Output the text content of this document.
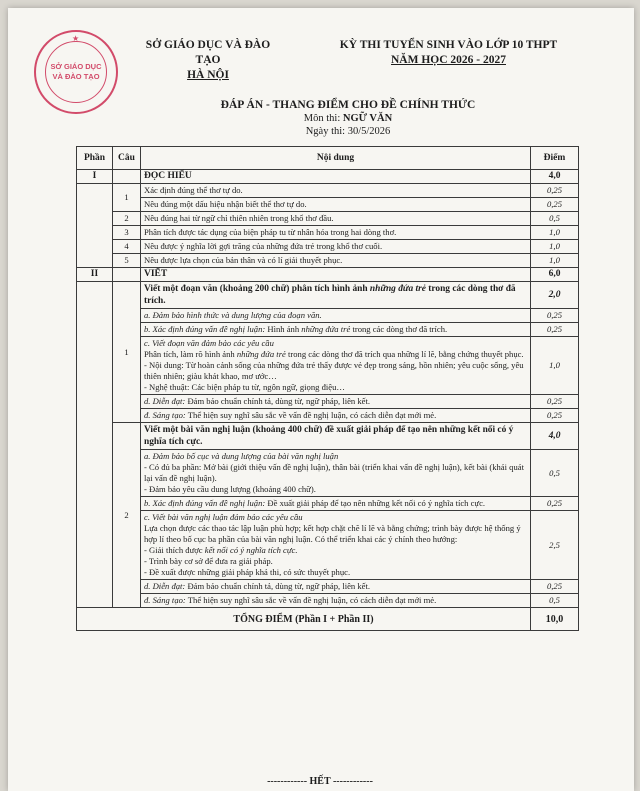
★
SỞ GIÁO DỤC
VÀ ĐÀO TẠO
SỞ GIÁO DỤC VÀ ĐÀO TẠO
HÀ NỘI
KỲ THI TUYỂN SINH VÀO LỚP 10 THPT
NĂM HỌC 2026 - 2027
ĐÁP ÁN - THANG ĐIỂM CHO ĐỀ CHÍNH THỨC
Môn thi: NGỮ VĂN
Ngày thi: 30/5/2026
Phần	Câu	Nội dung	Điểm
I		ĐỌC HIỂU	4,0
	1	Xác định đúng thể thơ tự do.	0,25
		Nêu đúng một dấu hiệu nhận biết thể thơ tự do.	0,25
	2	Nêu đúng hai từ ngữ chỉ thiên nhiên trong khổ thơ đầu.	0,5
	3	Phân tích được tác dụng của biện pháp tu từ nhân hóa trong hai dòng thơ.	1,0
	4	Nêu được ý nghĩa lời gợi trăng của những đứa trẻ trong khổ thơ cuối.	1,0
	5	Nêu được lựa chọn của bản thân và có lí giải thuyết phục.	1,0
II		VIẾT	6,0
	1	Viết một đoạn văn (khoảng 200 chữ) phân tích hình ảnh những đứa trẻ trong các dòng thơ đã trích.	2,0
		a. Đảm bảo hình thức và dung lượng của đoạn văn.	0,25
		b. Xác định đúng vấn đề nghị luận: Hình ảnh những đứa trẻ trong các dòng thơ đã trích.	0,25

		c. Viết đoạn văn đảm bảo các yêu cầu
Phân tích, làm rõ hình ảnh những đứa trẻ trong các dòng thơ đã trích qua những lí lẽ, bằng chứng thuyết phục.
- Nội dung: Từ hoàn cảnh sống của những đứa trẻ thấy được vẻ đẹp trong sáng, hồn nhiên; yêu cuộc sống, yêu thiên nhiên; giàu khát khao, mơ ước…
- Nghệ thuật: Các biện pháp tu từ, ngôn ngữ, giọng điệu…	1,0
		d. Diễn đạt: Đảm bảo chuẩn chính tả, dùng từ, ngữ pháp, liên kết.	0,25
		đ. Sáng tạo: Thể hiện suy nghĩ sâu sắc về vấn đề nghị luận, có cách diễn đạt mới mẻ.	0,25
	2	Viết một bài văn nghị luận (khoảng 400 chữ) đề xuất giải pháp để tạo nên những kết nối có ý nghĩa tích cực.	4,0

		a. Đảm bảo bố cục và dung lượng của bài văn nghị luận
- Có đủ ba phần: Mở bài (giới thiệu vấn đề nghị luận), thân bài (triển khai vấn đề nghị luận), kết bài (khái quát lại vấn đề nghị luận).
- Đảm bảo yêu cầu dung lượng (khoảng 400 chữ).	0,5
		b. Xác định đúng vấn đề nghị luận: Đề xuất giải pháp để tạo nên những kết nối có ý nghĩa tích cực.	0,25

		c. Viết bài văn nghị luận đảm bảo các yêu cầu
Lựa chọn được các thao tác lập luận phù hợp; kết hợp chặt chẽ lí lẽ và bằng chứng; trình bày được hệ thống ý hợp lí theo bố cục ba phần của bài văn nghị luận. Có thể triển khai các ý chính theo hướng:
- Giải thích được kết nối có ý nghĩa tích cực.
- Trình bày cơ sở để đưa ra giải pháp.
- Đề xuất được những giải pháp khả thi, có sức thuyết phục.	2,5
		d. Diễn đạt: Đảm bảo chuẩn chính tả, dùng từ, ngữ pháp, liên kết.	0,25
		đ. Sáng tạo: Thể hiện suy nghĩ sâu sắc về vấn đề nghị luận, có cách diễn đạt mới mẻ.	0,5
TỔNG ĐIỂM (Phần I + Phần II)			10,0
------------ HẾT ------------
